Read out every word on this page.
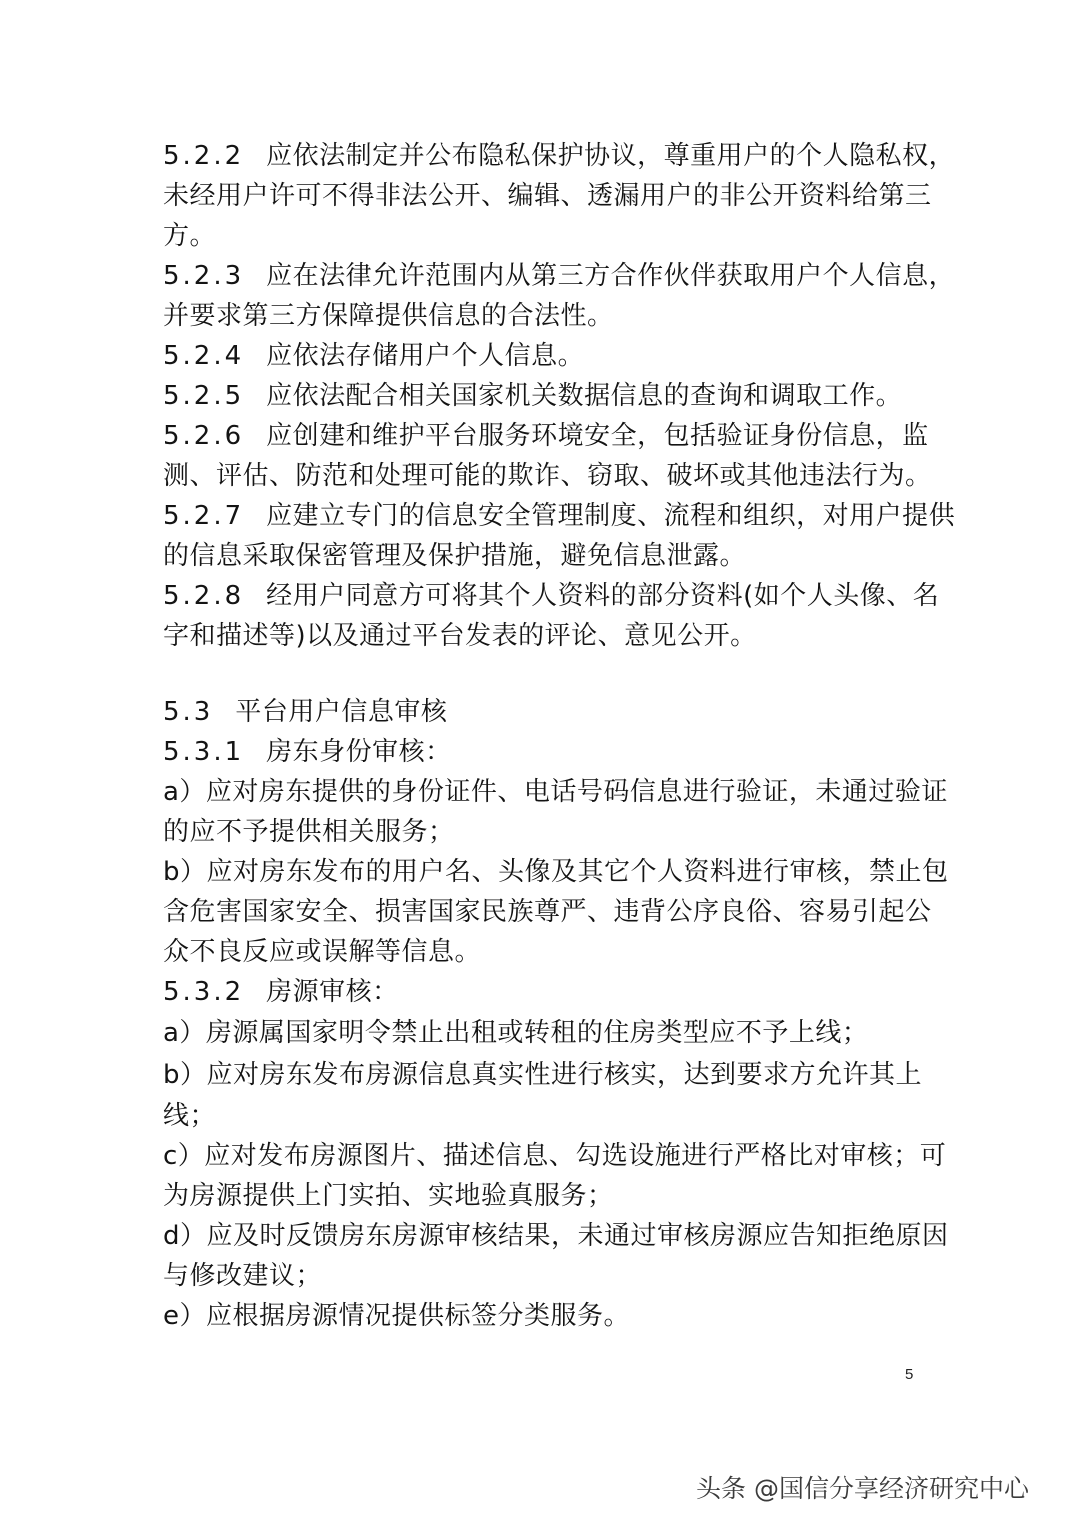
5.2.2 应依法制定并公布隐私保护协议，尊重用户的个人隐私权，
未经用户许可不得非法公开、编辑、透漏用户的非公开资料给第三
方。
5.2.3 应在法律允许范围内从第三方合作伙伴获取用户个人信息，
并要求第三方保障提供信息的合法性。
5.2.4 应依法存储用户个人信息。
5.2.5 应依法配合相关国家机关数据信息的查询和调取工作。
5.2.6 应创建和维护平台服务环境安全，包括验证身份信息，监
测、评估、防范和处理可能的欺诈、窃取、破坏或其他违法行为。
5.2.7 应建立专门的信息安全管理制度、流程和组织，对用户提供
的信息采取保密管理及保护措施，避免信息泄露。
5.2.8 经用户同意方可将其个人资料的部分资料(如个人头像、名
字和描述等)以及通过平台发表的评论、意见公开。
5.3 平台用户信息审核
5.3.1 房东身份审核：
a）应对房东提供的身份证件、电话号码信息进行验证，未通过验证
的应不予提供相关服务；
b）应对房东发布的用户名、头像及其它个人资料进行审核，禁止包
含危害国家安全、损害国家民族尊严、违背公序良俗、容易引起公
众不良反应或误解等信息。
5.3.2 房源审核：
a）房源属国家明令禁止出租或转租的住房类型应不予上线；
b）应对房东发布房源信息真实性进行核实，达到要求方允许其上
线；
c）应对发布房源图片、描述信息、勾选设施进行严格比对审核；可
为房源提供上门实拍、实地验真服务；
d）应及时反馈房东房源审核结果，未通过审核房源应告知拒绝原因
与修改建议；
e）应根据房源情况提供标签分类服务。
5
头条 @国信分享经济研究中心
